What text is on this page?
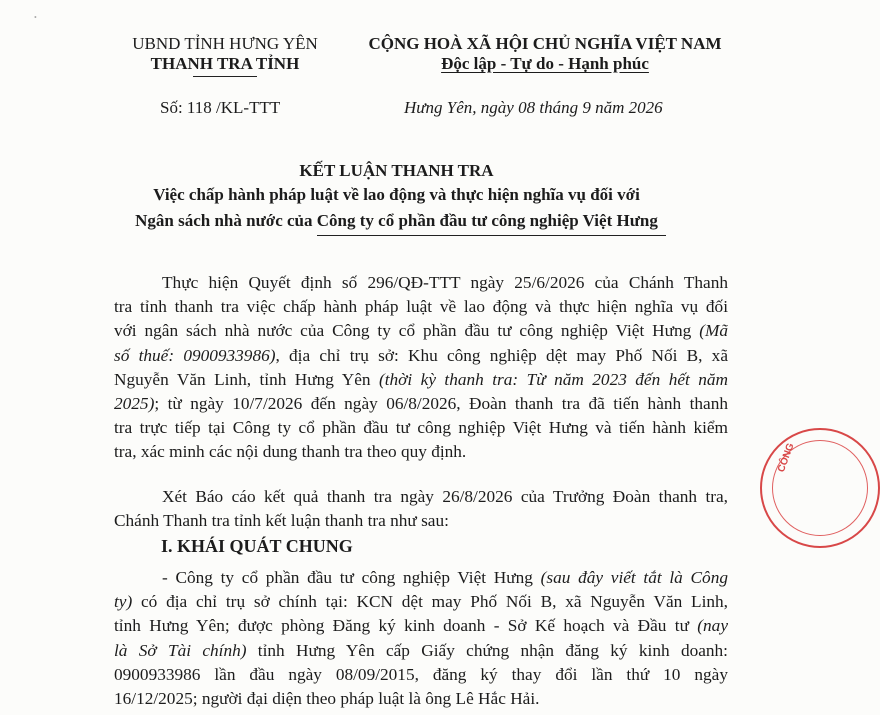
•
UBND TỈNH HƯNG YÊN
THANH TRA TỈNH
CỘNG HOÀ XÃ HỘI CHỦ NGHĨA VIỆT NAM
Độc lập - Tự do - Hạnh phúc
Số: 118 /KL-TTT	Hưng Yên, ngày 08 tháng 9 năm 2026
KẾT LUẬN THANH TRA
Việc chấp hành pháp luật về lao động và thực hiện nghĩa vụ đối với
Ngân sách nhà nước của Công ty cổ phần đầu tư công nghiệp Việt Hưng
Thực hiện Quyết định số 296/QĐ-TTT ngày 25/6/2026 của Chánh Thanh
tra tỉnh thanh tra việc chấp hành pháp luật về lao động và thực hiện nghĩa vụ đối
với ngân sách nhà nước của Công ty cổ phần đầu tư công nghiệp Việt Hưng (Mã
số thuế: 0900933986), địa chỉ trụ sở: Khu công nghiệp dệt may Phố Nối B, xã
Nguyễn Văn Linh, tỉnh Hưng Yên (thời kỳ thanh tra: Từ năm 2023 đến hết năm
2025); từ ngày 10/7/2026 đến ngày 06/8/2026, Đoàn thanh tra đã tiến hành thanh
tra trực tiếp tại Công ty cổ phần đầu tư công nghiệp Việt Hưng và tiến hành kiểm
tra, xác minh các nội dung thanh tra theo quy định.
Xét Báo cáo kết quả thanh tra ngày 26/8/2026 của Trưởng Đoàn thanh tra,
Chánh Thanh tra tỉnh kết luận thanh tra như sau:
I. KHÁI QUÁT CHUNG
- Công ty cổ phần đầu tư công nghiệp Việt Hưng (sau đây viết tắt là Công
ty) có địa chỉ trụ sở chính tại: KCN dệt may Phố Nối B, xã Nguyễn Văn Linh,
tỉnh Hưng Yên; được phòng Đăng ký kinh doanh - Sở Kế hoạch và Đầu tư (nay
là Sở Tài chính) tỉnh Hưng Yên cấp Giấy chứng nhận đăng ký kinh doanh:
0900933986 lần đầu ngày 08/09/2015, đăng ký thay đổi lần thứ 10 ngày
16/12/2025; người đại diện theo pháp luật là ông Lê Hắc Hải.
CÔNG
